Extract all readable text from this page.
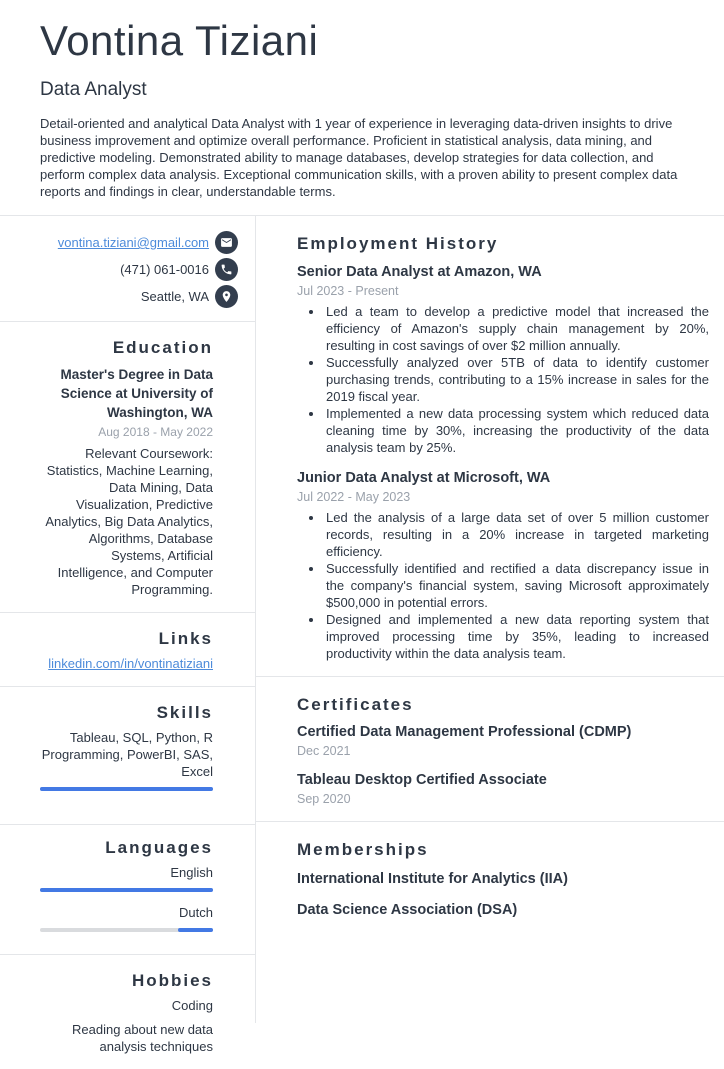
Vontina Tiziani
Data Analyst
Detail-oriented and analytical Data Analyst with 1 year of experience in leveraging data-driven insights to drive business improvement and optimize overall performance. Proficient in statistical analysis, data mining, and predictive modeling. Demonstrated ability to manage databases, develop strategies for data collection, and perform complex data analysis. Exceptional communication skills, with a proven ability to present complex data reports and findings in clear, understandable terms.
vontina.tiziani@gmail.com
(471) 061-0016
Seattle, WA
Education
Master's Degree in Data Science at University of Washington, WA
Aug 2018 - May 2022
Relevant Coursework: Statistics, Machine Learning, Data Mining, Data Visualization, Predictive Analytics, Big Data Analytics, Algorithms, Database Systems, Artificial Intelligence, and Computer Programming.
Links
linkedin.com/in/vontinatiziani
Skills
Tableau, SQL, Python, R Programming, PowerBI, SAS, Excel
Languages
English
Dutch
Hobbies
Coding
Reading about new data analysis techniques
Employment History
Senior Data Analyst at Amazon, WA
Jul 2023 - Present
• Led a team to develop a predictive model that increased the efficiency of Amazon's supply chain management by 20%, resulting in cost savings of over $2 million annually.
• Successfully analyzed over 5TB of data to identify customer purchasing trends, contributing to a 15% increase in sales for the 2019 fiscal year.
• Implemented a new data processing system which reduced data cleaning time by 30%, increasing the productivity of the data analysis team by 25%.
Junior Data Analyst at Microsoft, WA
Jul 2022 - May 2023
• Led the analysis of a large data set of over 5 million customer records, resulting in a 20% increase in targeted marketing efficiency.
• Successfully identified and rectified a data discrepancy issue in the company's financial system, saving Microsoft approximately $500,000 in potential errors.
• Designed and implemented a new data reporting system that improved processing time by 35%, leading to increased productivity within the data analysis team.
Certificates
Certified Data Management Professional (CDMP)
Dec 2021
Tableau Desktop Certified Associate
Sep 2020
Memberships
International Institute for Analytics (IIA)
Data Science Association (DSA)
